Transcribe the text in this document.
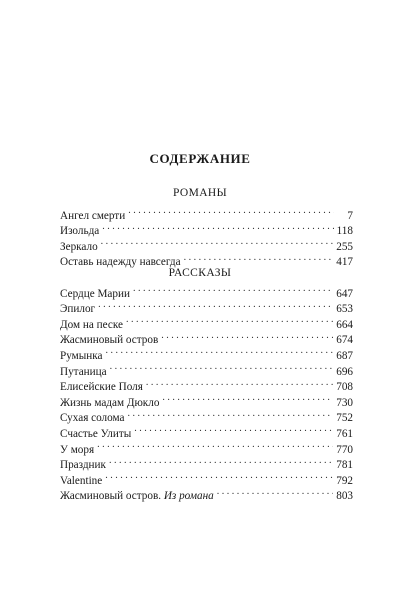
СОДЕРЖАНИЕ
РОМАНЫ
Ангел смерти . . .	7
Изольда . . .	118
Зеркало . . .	255
Оставь надежду навсегда . . .	417
РАССКАЗЫ
Сердце Марии . . .	647
Эпилог . . .	653
Дом на песке . . .	664
Жасминовый остров . . .	674
Румынка . . .	687
Путаница . . .	696
Елисейские Поля . . .	708
Жизнь мадам Дюкло . . .	730
Сухая солома . . .	752
Счастье Улиты . . .	761
У моря . . .	770
Праздник . . .	781
Valentine . . .	792
Жасминовый остров. Из романа . . .	803
